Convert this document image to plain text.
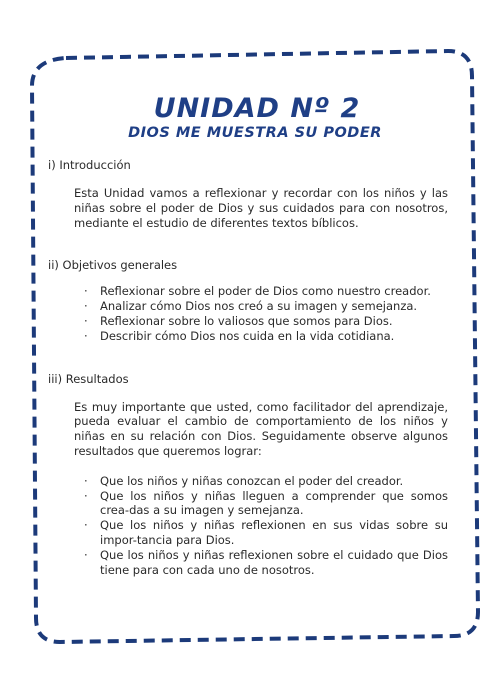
UNIDAD Nº 2
DIOS ME MUESTRA SU PODER

i) Introducción

Esta Unidad vamos a reflexionar y recordar con los niños y las niñas sobre el poder de Dios y sus cuidados para con nosotros, mediante el estudio de diferentes textos bíblicos.

ii) Objetivos generales

·	Reflexionar sobre el poder de Dios como nuestro creador.
·	Analizar cómo Dios nos creó a su imagen y semejanza.
·	Reflexionar sobre lo valiosos que somos para Dios.
·	Describir cómo Dios nos cuida en la vida cotidiana.

iii) Resultados

Es muy importante que usted, como facilitador del aprendizaje, pueda evaluar el cambio de comportamiento de los niños y niñas en su relación con Dios. Seguidamente observe algunos resultados que queremos lograr:

·	Que los niños y niñas conozcan el poder del creador.
·	Que los niños y niñas lleguen a comprender que somos crea-das a su imagen y semejanza.
·	Que los niños y niñas reflexionen en sus vidas sobre su impor-tancia para Dios.
·	Que los niños y niñas reflexionen sobre el cuidado que Dios tiene para con cada uno de nosotros.
